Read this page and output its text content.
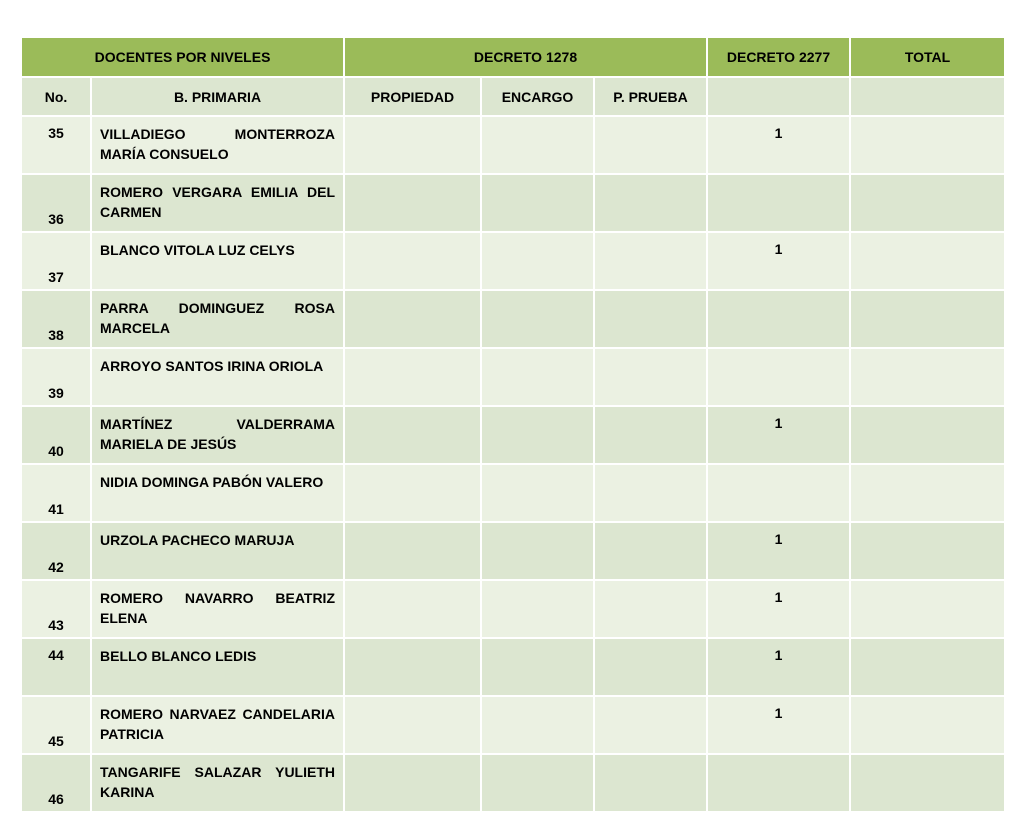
DOCENTES POR NIVELES		DECRETO 1278			DECRETO 2277	TOTAL
No.	B. PRIMARIA	PROPIEDAD	ENCARGO	P. PRUEBA		

35	VILLADIEGO MONTERROZA MARÍA CONSUELO				1	

36	ROMERO VERGARA EMILIA DEL CARMEN					

37	BLANCO VITOLA LUZ CELYS				1	

38	PARRA DOMINGUEZ ROSA MARCELA					

39	ARROYO SANTOS IRINA ORIOLA					

40	MARTÍNEZ VALDERRAMA MARIELA DE JESÚS				1	

41	NIDIA DOMINGA PABÓN VALERO					

42	URZOLA PACHECO MARUJA				1	

43	ROMERO NAVARRO BEATRIZ ELENA				1	

44	BELLO BLANCO LEDIS				1	

45	ROMERO NARVAEZ CANDELARIA PATRICIA				1	

46	TANGARIFE SALAZAR YULIETH KARINA					
